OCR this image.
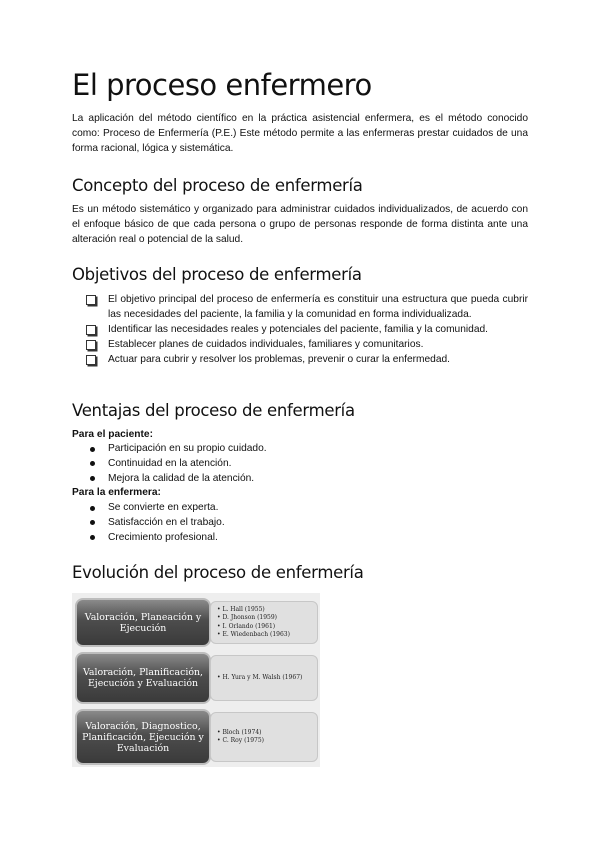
El proceso enfermero

La aplicación del método científico en la práctica asistencial enfermera, es el método conocido como: Proceso de Enfermería (P.E.) Este método permite a las enfermeras prestar cuidados de una forma racional, lógica y sistemática.

Concepto del proceso de enfermería

Es un método sistemático y organizado para administrar cuidados individualizados, de acuerdo con el enfoque básico de que cada persona o grupo de personas responde de forma distinta ante una alteración real o potencial de la salud.

Objetivos del proceso de enfermería
El objetivo principal del proceso de enfermería es constituir una estructura que pueda cubrir las necesidades del paciente, la familia y la comunidad en forma individualizada.
Identificar las necesidades reales y potenciales del paciente, familia y la comunidad.
Establecer planes de cuidados individuales, familiares y comunitarios.
Actuar para cubrir y resolver los problemas, prevenir o curar la enfermedad.
Ventajas del proceso de enfermería

Para el paciente:

Participación en su propio cuidado.
Continuidad en la atención.
Mejora la calidad de la atención.

Para la enfermera:

Se convierte en experta.
Satisfacción en el trabajo.
Crecimiento profesional.
Evolución del proceso de enfermería
Valoración, Planeación y Ejecución
• L. Hall (1955)
• D. Jhonson (1959)
• I. Orlando (1961)
• E. Wiedenbach (1963)
Valoración, Planificación, Ejecución y Evaluación
• H. Yura y M. Walsh (1967)
Valoración, Diagnostico, Planificación, Ejecución y Evaluación
• Bloch (1974)
• C. Roy (1975)
